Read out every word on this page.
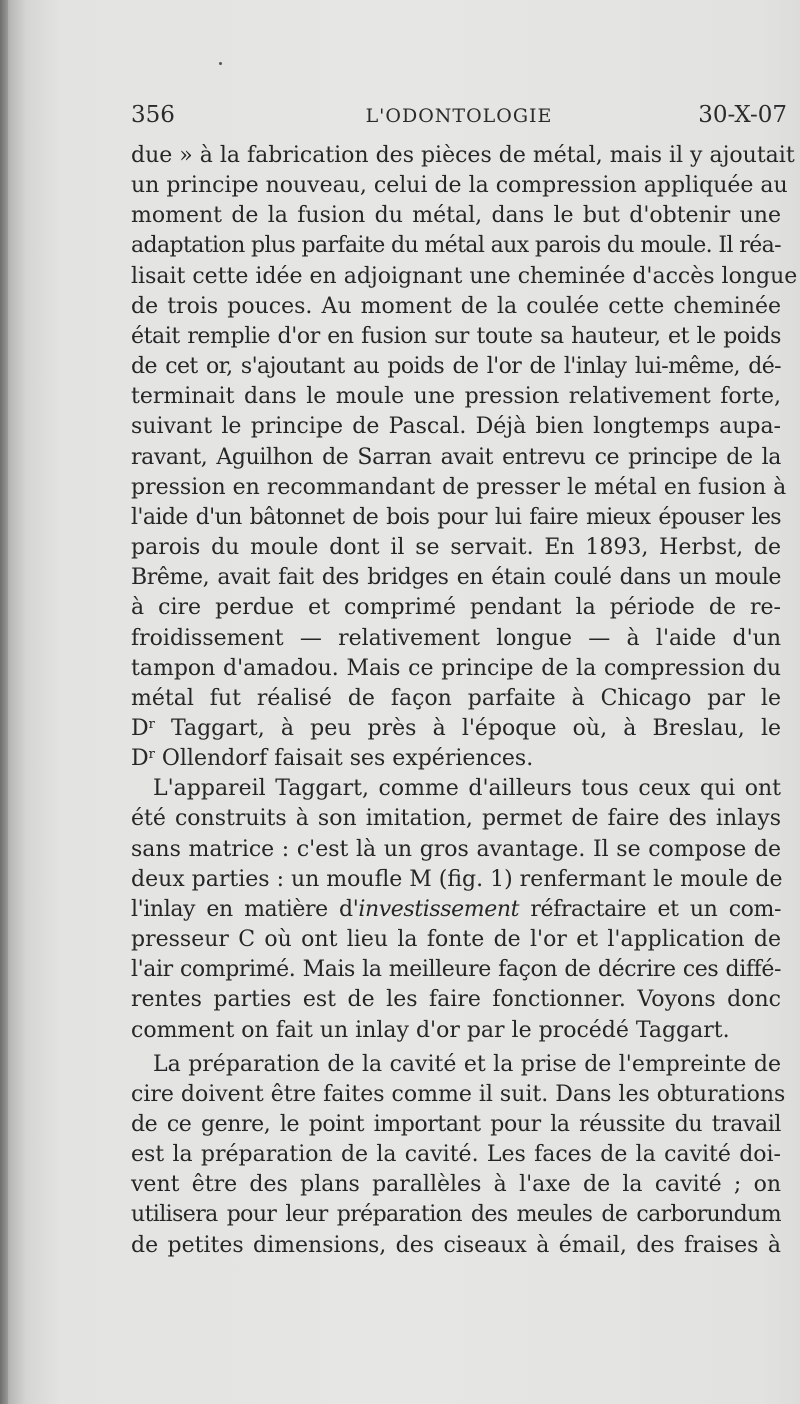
356	L'ODONTOLOGIE	30-X-07

due » à la fabrication des pièces de métal, mais il y ajoutait
un principe nouveau, celui de la compression appliquée au
moment de la fusion du métal, dans le but d'obtenir une
adaptation plus parfaite du métal aux parois du moule. Il réa-
lisait cette idée en adjoignant une cheminée d'accès longue
de trois pouces. Au moment de la coulée cette cheminée
était remplie d'or en fusion sur toute sa hauteur, et le poids
de cet or, s'ajoutant au poids de l'or de l'inlay lui-même, dé-
terminait dans le moule une pression relativement forte,
suivant le principe de Pascal. Déjà bien longtemps aupa-
ravant, Aguilhon de Sarran avait entrevu ce principe de la
pression en recommandant de presser le métal en fusion à
l'aide d'un bâtonnet de bois pour lui faire mieux épouser les
parois du moule dont il se servait. En 1893, Herbst, de
Brême, avait fait des bridges en étain coulé dans un moule
à cire perdue et comprimé pendant la période de re-
froidissement — relativement longue — à l'aide d'un
tampon d'amadou. Mais ce principe de la compression du
métal fut réalisé de façon parfaite à Chicago par le
$D^r$ Taggart, à peu près à l'époque où, à Breslau, le
$D^r$ Ollendorf faisait ses expériences.

L'appareil Taggart, comme d'ailleurs tous ceux qui ont
été construits à son imitation, permet de faire des inlays
sans matrice : c'est là un gros avantage. Il se compose de
deux parties : un moufle M (fig. 1) renfermant le moule de
l'inlay en matière d'investissement réfractaire et un com-
presseur C où ont lieu la fonte de l'or et l'application de
l'air comprimé. Mais la meilleure façon de décrire ces diffé-
rentes parties est de les faire fonctionner. Voyons donc
comment on fait un inlay d'or par le procédé Taggart.

La préparation de la cavité et la prise de l'empreinte de
cire doivent être faites comme il suit. Dans les obturations
de ce genre, le point important pour la réussite du travail
est la préparation de la cavité. Les faces de la cavité doi-
vent être des plans parallèles à l'axe de la cavité ; on
utilisera pour leur préparation des meules de carborundum
de petites dimensions, des ciseaux à émail, des fraises à
